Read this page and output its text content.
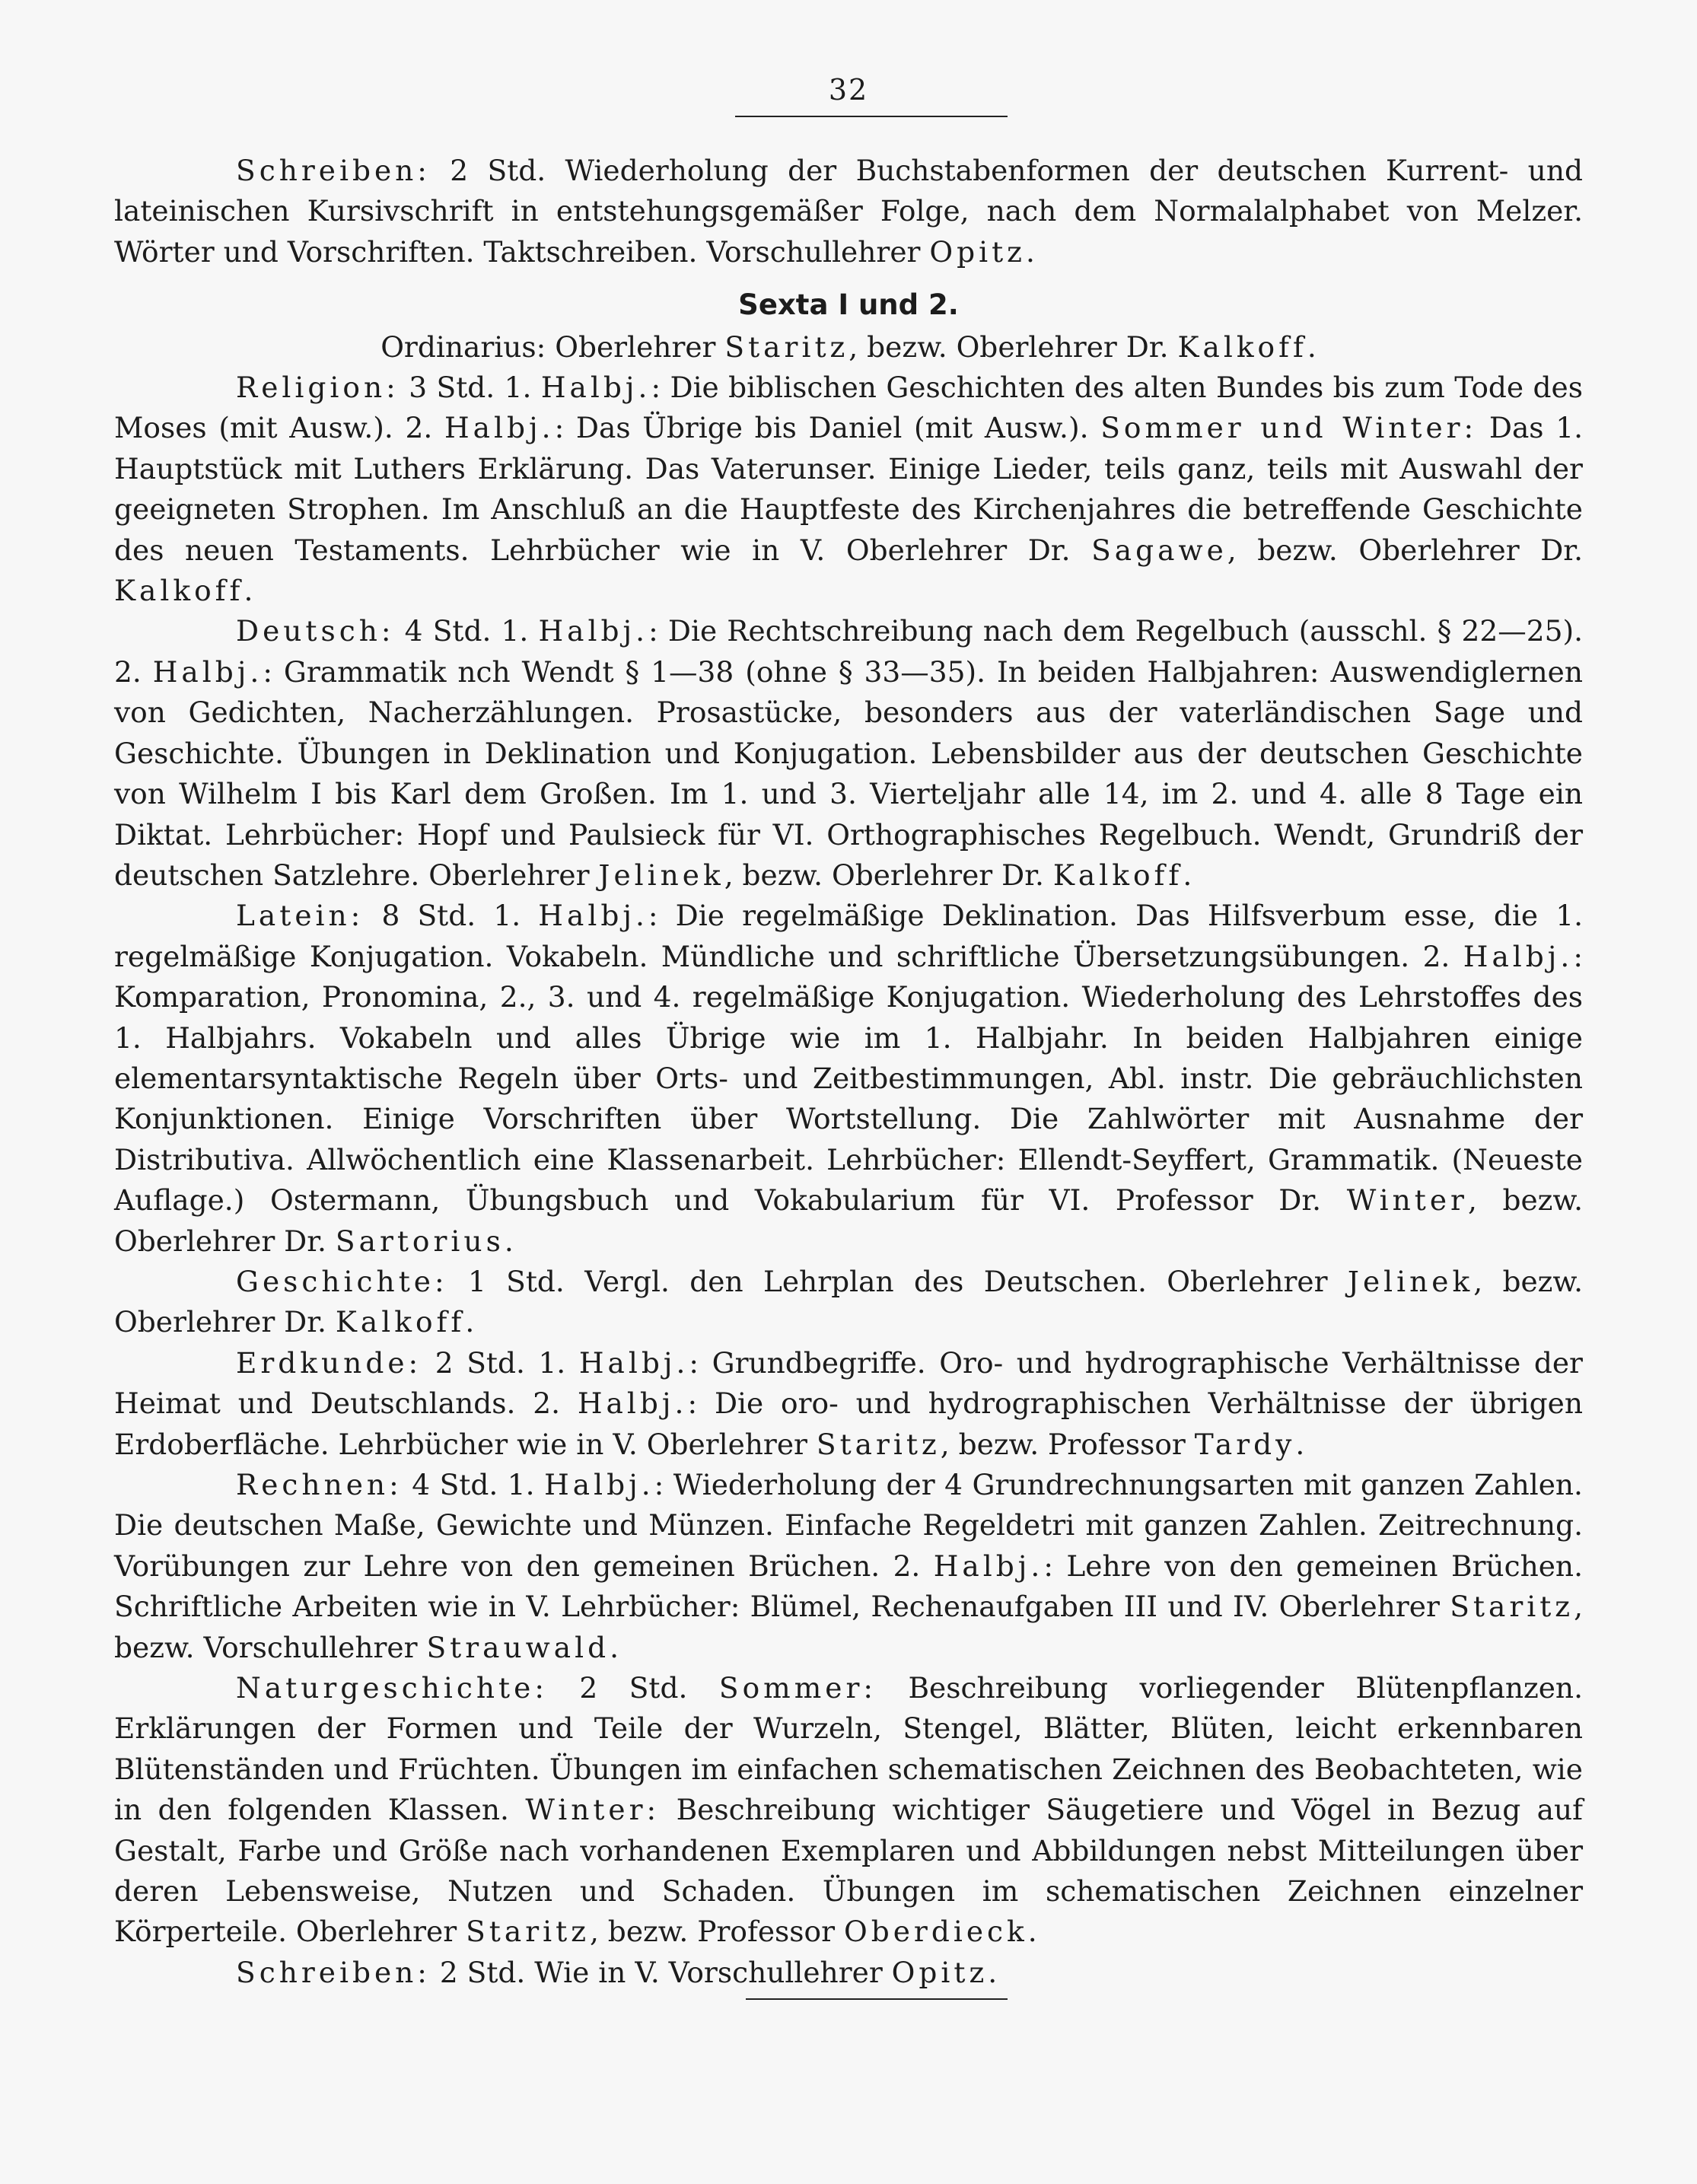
32

Schreiben: 2 Std. Wiederholung der Buchstabenformen der deutschen Kurrent- und lateinischen Kursivschrift in entstehungsgemäßer Folge, nach dem Normalalphabet von Melzer. Wörter und Vorschriften. Taktschreiben. Vorschullehrer Opitz.

Sexta I und 2.

Ordinarius: Oberlehrer Staritz, bezw. Oberlehrer Dr. Kalkoff.

Religion: 3 Std. 1. Halbj.: Die biblischen Geschichten des alten Bundes bis zum Tode des Moses (mit Ausw.). 2. Halbj.: Das Übrige bis Daniel (mit Ausw.). Sommer und Winter: Das 1. Hauptstück mit Luthers Erklärung. Das Vaterunser. Einige Lieder, teils ganz, teils mit Auswahl der geeigneten Strophen. Im Anschluß an die Hauptfeste des Kirchenjahres die betreffende Geschichte des neuen Testaments. Lehrbücher wie in V. Oberlehrer Dr. Sagawe, bezw. Oberlehrer Dr. Kalkoff.

Deutsch: 4 Std. 1. Halbj.: Die Rechtschreibung nach dem Regelbuch (ausschl. § 22—25). 2. Halbj.: Grammatik nch Wendt § 1—38 (ohne § 33—35). In beiden Halbjahren: Auswendiglernen von Gedichten, Nacherzählungen. Prosastücke, besonders aus der vaterländischen Sage und Geschichte. Übungen in Deklination und Konjugation. Lebensbilder aus der deutschen Geschichte von Wilhelm I bis Karl dem Großen. Im 1. und 3. Vierteljahr alle 14, im 2. und 4. alle 8 Tage ein Diktat. Lehrbücher: Hopf und Paulsieck für VI. Orthographisches Regelbuch. Wendt, Grundriß der deutschen Satzlehre. Oberlehrer Jelinek, bezw. Oberlehrer Dr. Kalkoff.

Latein: 8 Std. 1. Halbj.: Die regelmäßige Deklination. Das Hilfsverbum esse, die 1. regelmäßige Konjugation. Vokabeln. Mündliche und schriftliche Übersetzungsübungen. 2. Halbj.: Komparation, Pronomina, 2., 3. und 4. regelmäßige Konjugation. Wiederholung des Lehrstoffes des 1. Halbjahrs. Vokabeln und alles Übrige wie im 1. Halbjahr. In beiden Halbjahren einige elementarsyntaktische Regeln über Orts- und Zeitbestimmungen, Abl. instr. Die gebräuchlichsten Konjunktionen. Einige Vorschriften über Wortstellung. Die Zahlwörter mit Ausnahme der Distributiva. Allwöchentlich eine Klassenarbeit. Lehrbücher: Ellendt-Seyffert, Grammatik. (Neueste Auflage.) Ostermann, Übungsbuch und Vokabularium für VI. Professor Dr. Winter, bezw. Oberlehrer Dr. Sartorius.

Geschichte: 1 Std. Vergl. den Lehrplan des Deutschen. Oberlehrer Jelinek, bezw. Oberlehrer Dr. Kalkoff.

Erdkunde: 2 Std. 1. Halbj.: Grundbegriffe. Oro- und hydrographische Verhältnisse der Heimat und Deutschlands. 2. Halbj.: Die oro- und hydrographischen Verhältnisse der übrigen Erdoberfläche. Lehrbücher wie in V. Oberlehrer Staritz, bezw. Professor Tardy.

Rechnen: 4 Std. 1. Halbj.: Wiederholung der 4 Grundrechnungsarten mit ganzen Zahlen. Die deutschen Maße, Gewichte und Münzen. Einfache Regeldetri mit ganzen Zahlen. Zeitrechnung. Vorübungen zur Lehre von den gemeinen Brüchen. 2. Halbj.: Lehre von den gemeinen Brüchen. Schriftliche Arbeiten wie in V. Lehrbücher: Blümel, Rechenaufgaben III und IV. Oberlehrer Staritz, bezw. Vorschullehrer Strauwald.

Naturgeschichte: 2 Std. Sommer: Beschreibung vorliegender Blütenpflanzen. Erklärungen der Formen und Teile der Wurzeln, Stengel, Blätter, Blüten, leicht erkennbaren Blütenständen und Früchten. Übungen im einfachen schematischen Zeichnen des Beobachteten, wie in den folgenden Klassen. Winter: Beschreibung wichtiger Säugetiere und Vögel in Bezug auf Gestalt, Farbe und Größe nach vorhandenen Exemplaren und Abbildungen nebst Mitteilungen über deren Lebensweise, Nutzen und Schaden. Übungen im schematischen Zeichnen einzelner Körperteile. Oberlehrer Staritz, bezw. Professor Oberdieck.

Schreiben: 2 Std. Wie in V. Vorschullehrer Opitz.
